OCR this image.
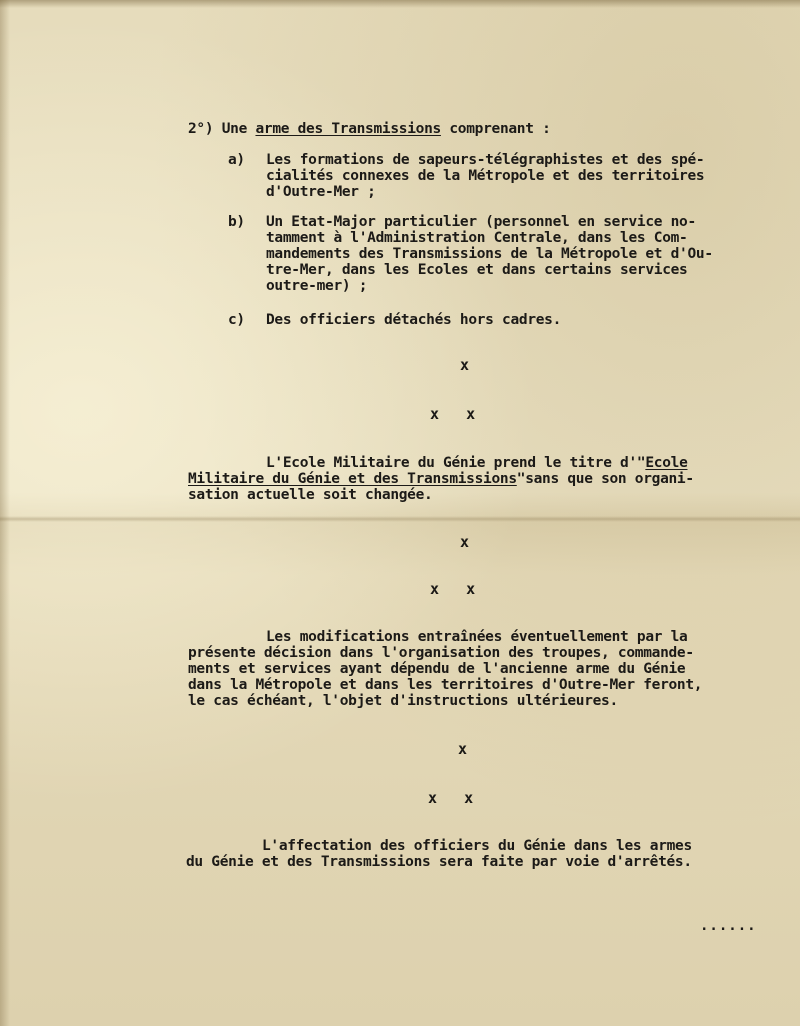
2°) Une arme des Transmissions comprenant :
a) Les formations de sapeurs-télégraphistes et des spé-
cialités connexes de la Métropole et des territoires
d'Outre-Mer ;
b) Un Etat-Major particulier (personnel en service no-
tamment à l'Administration Centrale, dans les Com-
mandements des Transmissions de la Métropole et d'Ou-
tre-Mer, dans les Ecoles et dans certains services
outre-mer) ;
c) Des officiers détachés hors cadres.
x
x   x
L'Ecole Militaire du Génie prend le titre d'"Ecole
Militaire du Génie et des Transmissions"sans que son organi-
sation actuelle soit changée.
x
x   x
Les modifications entraînées éventuellement par la
présente décision dans l'organisation des troupes, commande-
ments et services ayant dépendu de l'ancienne arme du Génie
dans la Métropole et dans les territoires d'Outre-Mer feront,
le cas échéant, l'objet d'instructions ultérieures.
x
x   x
L'affectation des officiers du Génie dans les armes
du Génie et des Transmissions sera faite par voie d'arrêtés.
......
